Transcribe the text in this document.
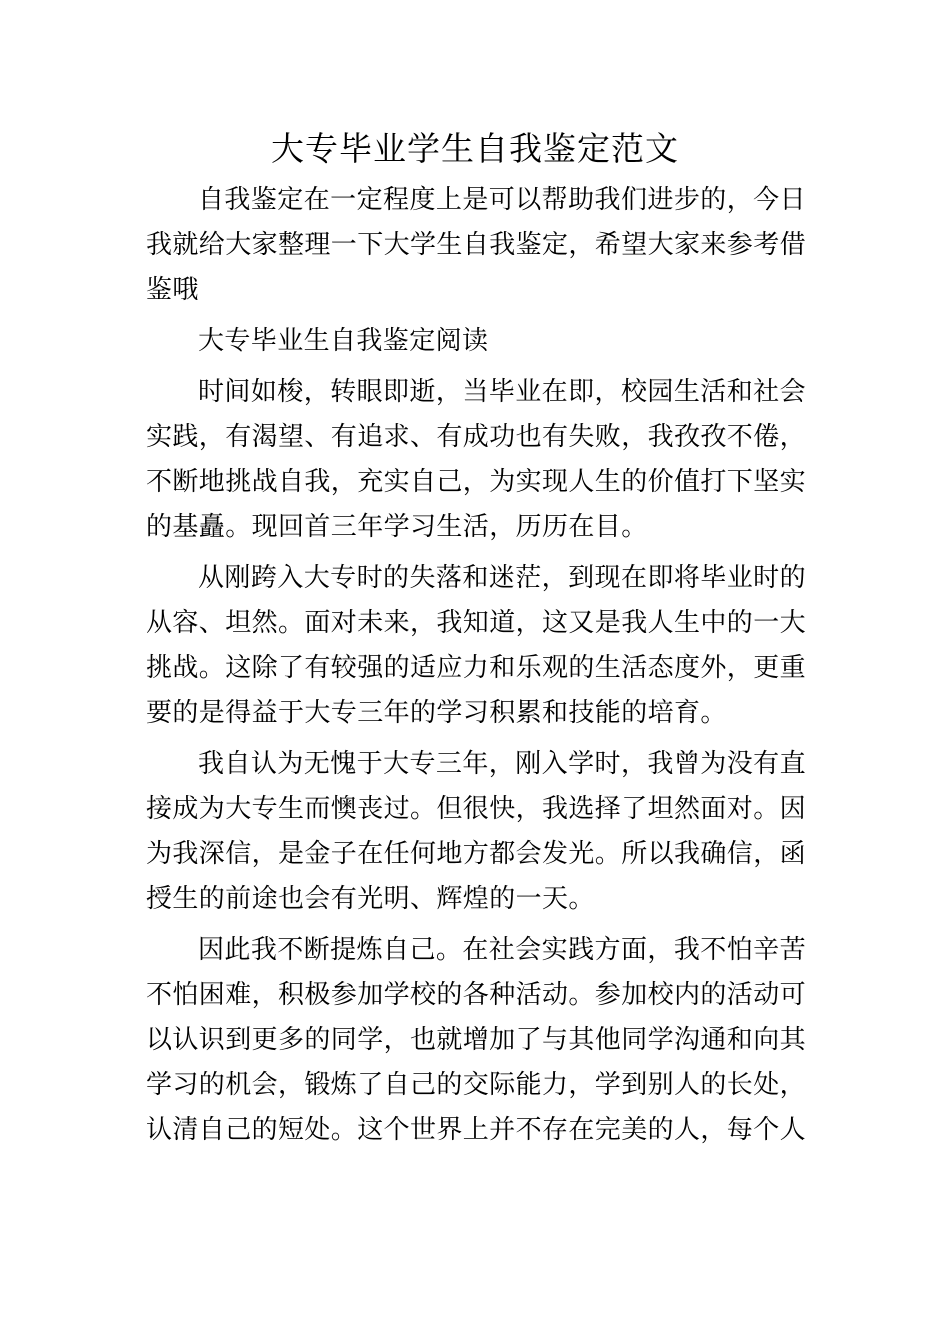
大专毕业学生自我鉴定范文

自我鉴定在一定程度上是可以帮助我们进步的，今日我就给大家整理一下大学生自我鉴定，希望大家来参考借鉴哦

大专毕业生自我鉴定阅读

时间如梭，转眼即逝，当毕业在即，校园生活和社会实践，有渴望、有追求、有成功也有失败，我孜孜不倦，不断地挑战自我，充实自己，为实现人生的价值打下坚实的基矗。现回首三年学习生活，历历在目。

从刚跨入大专时的失落和迷茫，到现在即将毕业时的从容、坦然。面对未来，我知道，这又是我人生中的一大挑战。这除了有较强的适应力和乐观的生活态度外，更重要的是得益于大专三年的学习积累和技能的培育。

我自认为无愧于大专三年，刚入学时，我曾为没有直接成为大专生而懊丧过。但很快，我选择了坦然面对。因为我深信，是金子在任何地方都会发光。所以我确信，函授生的前途也会有光明、辉煌的一天。

因此我不断提炼自己。在社会实践方面，我不怕辛苦不怕困难，积极参加学校的各种活动。参加校内的活动可以认识到更多的同学，也就增加了与其他同学沟通和向其学习的机会，锻炼了自己的交际能力，学到别人的长处，认清自己的短处。这个世界上并不存在完美的人，每个人
